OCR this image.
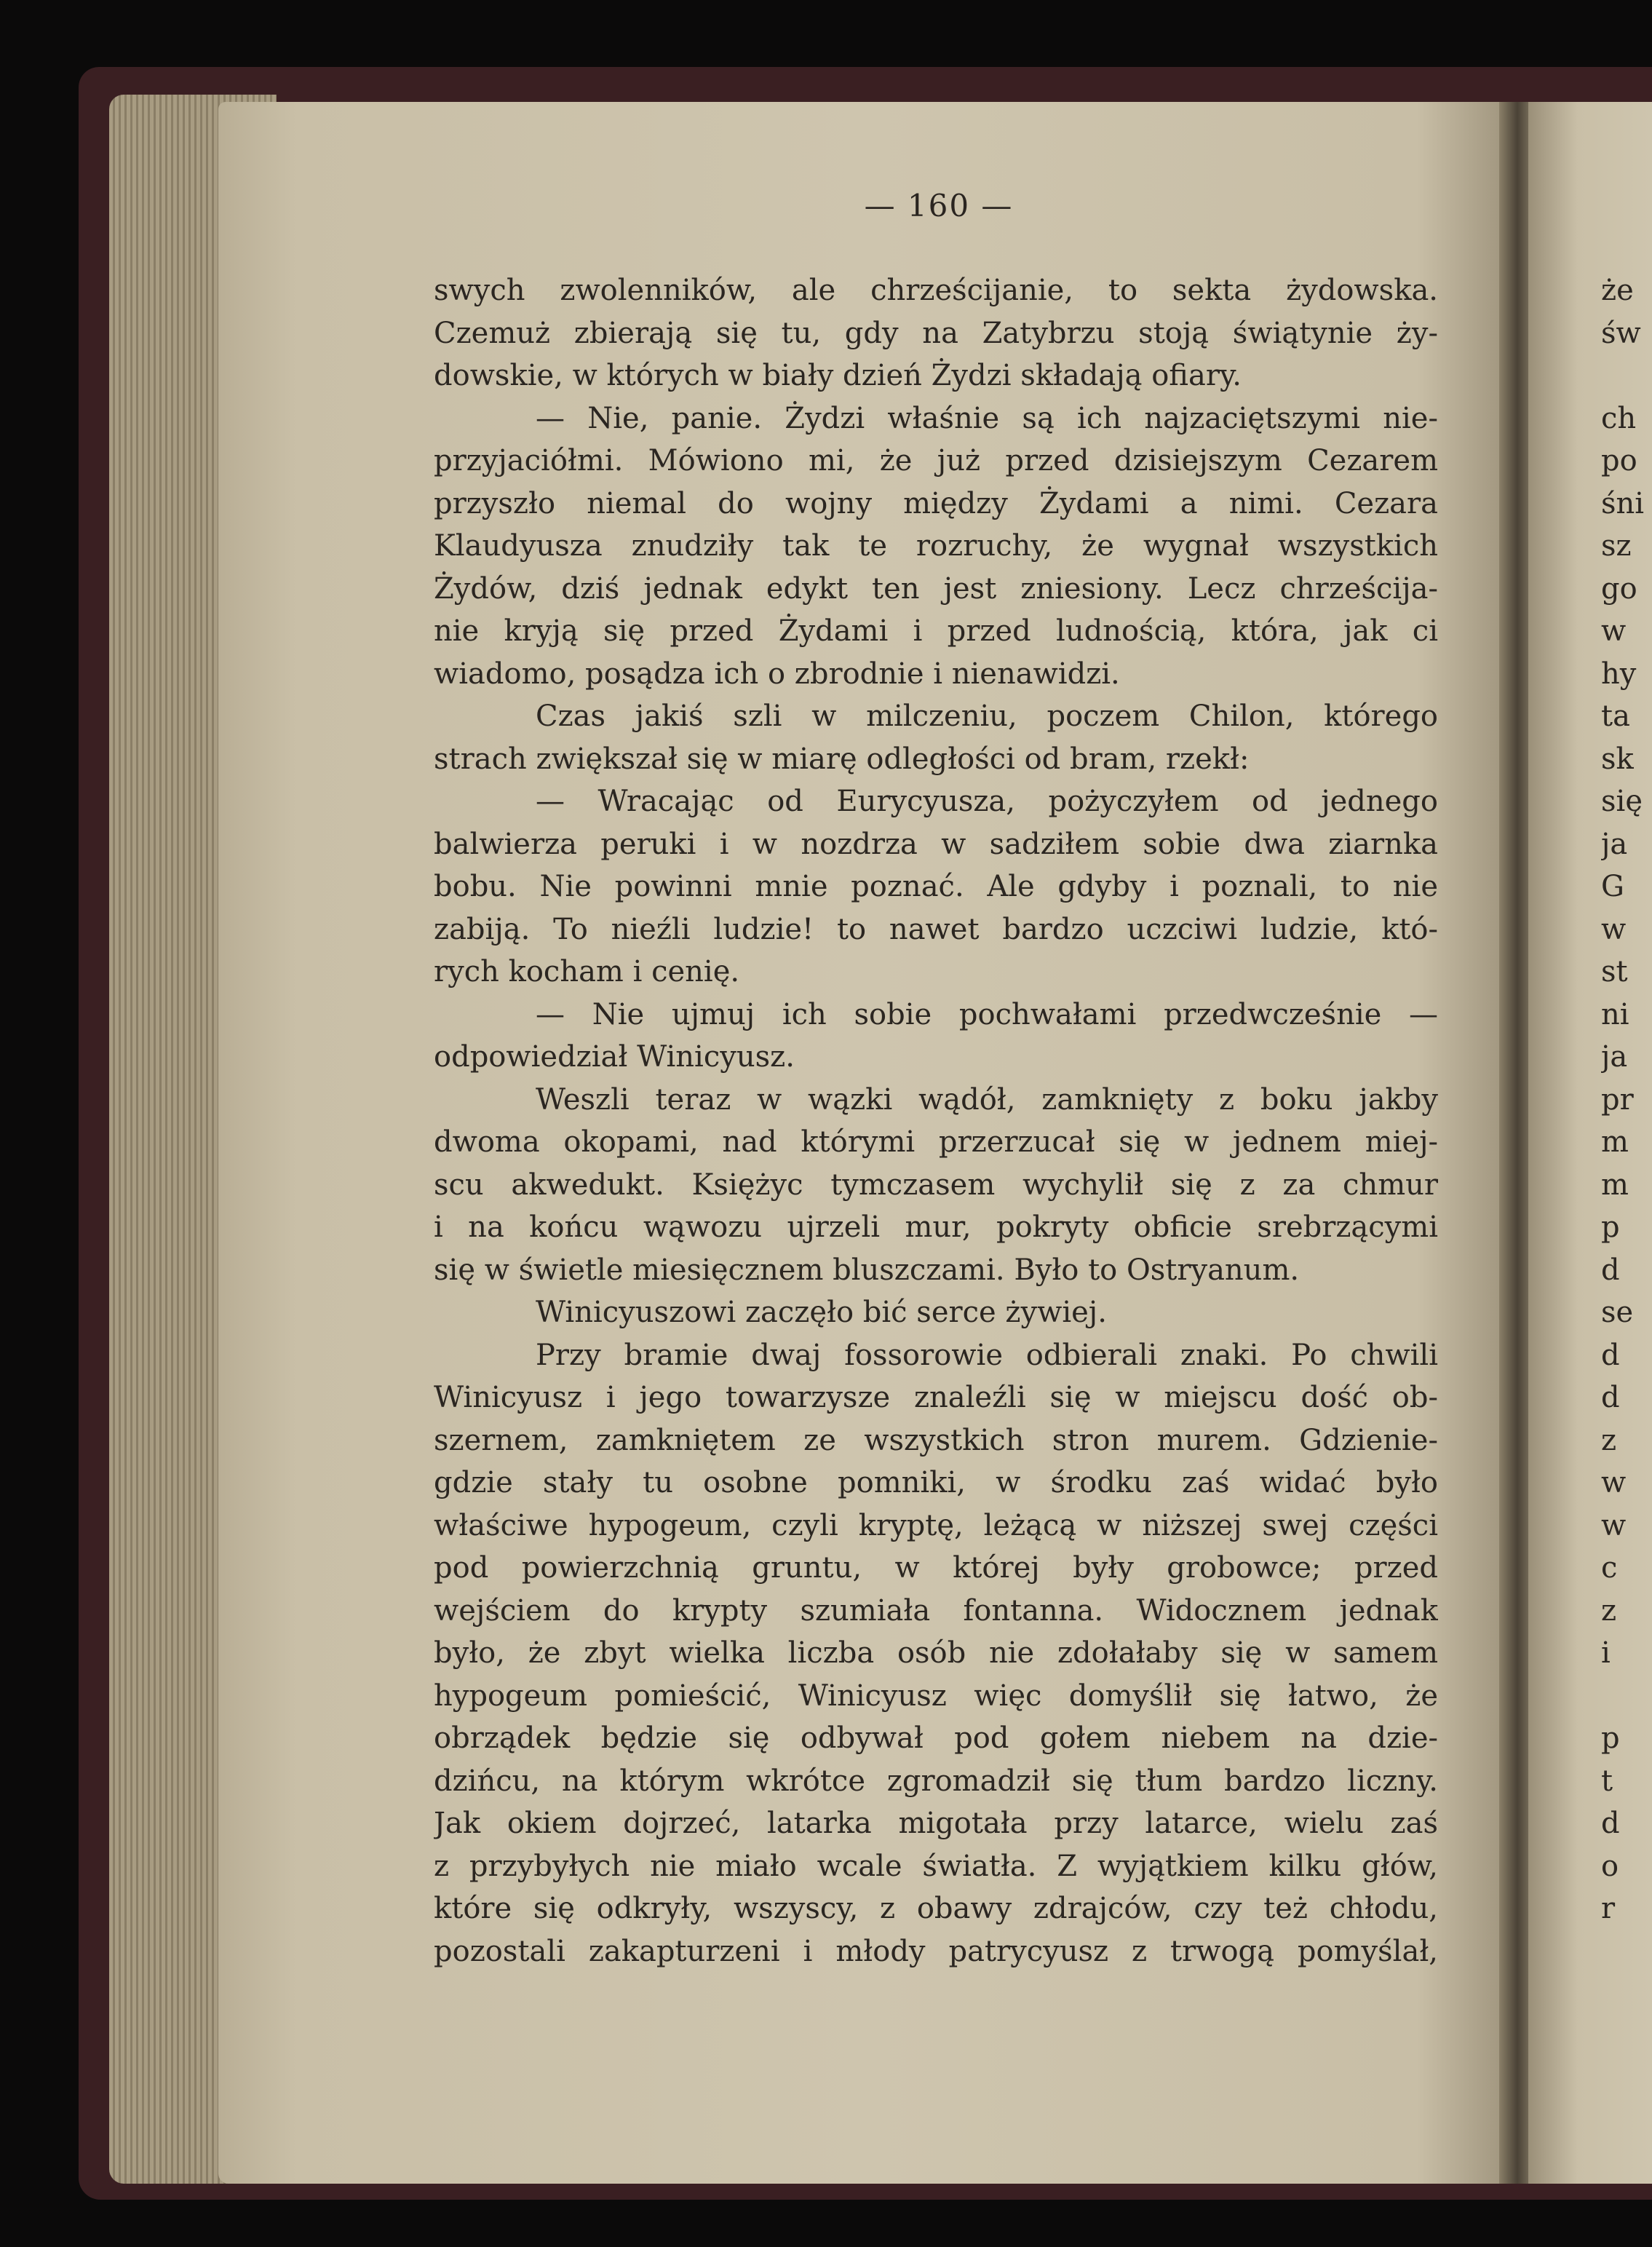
— 160 —
swych zwolenników, ale chrześcijanie, to sekta żydowska.
Czemuż zbierają się tu, gdy na Zatybrzu stoją świątynie ży-
dowskie, w których w biały dzień Żydzi składają ofiary.
— Nie, panie. Żydzi właśnie są ich najzaciętszymi nie-
przyjaciółmi. Mówiono mi, że już przed dzisiejszym Cezarem
przyszło niemal do wojny między Żydami a nimi. Cezara
Klaudyusza znudziły tak te rozruchy, że wygnał wszystkich
Żydów, dziś jednak edykt ten jest zniesiony. Lecz chrześcija-
nie kryją się przed Żydami i przed ludnością, która, jak ci
wiadomo, posądza ich o zbrodnie i nienawidzi.
Czas jakiś szli w milczeniu, poczem Chilon, którego
strach zwiększał się w miarę odległości od bram, rzekł:
— Wracając od Eurycyusza, pożyczyłem od jednego
balwierza peruki i w nozdrza w sadziłem sobie dwa ziarnka
bobu. Nie powinni mnie poznać. Ale gdyby i poznali, to nie
zabiją. To nieźli ludzie! to nawet bardzo uczciwi ludzie, któ-
rych kocham i cenię.
— Nie ujmuj ich sobie pochwałami przedwcześnie —
odpowiedział Winicyusz.
Weszli teraz w wązki wądół, zamknięty z boku jakby
dwoma okopami, nad którymi przerzucał się w jednem miej-
scu akwedukt. Księżyc tymczasem wychylił się z za chmur
i na końcu wąwozu ujrzeli mur, pokryty obficie srebrzącymi
się w świetle miesięcznem bluszczami. Było to Ostryanum.
Winicyuszowi zaczęło bić serce żywiej.
Przy bramie dwaj fossorowie odbierali znaki. Po chwili
Winicyusz i jego towarzysze znaleźli się w miejscu dość ob-
szernem, zamkniętem ze wszystkich stron murem. Gdzienie-
gdzie stały tu osobne pomniki, w środku zaś widać było
właściwe hypogeum, czyli kryptę, leżącą w niższej swej części
pod powierzchnią gruntu, w której były grobowce; przed
wejściem do krypty szumiała fontanna. Widocznem jednak
było, że zbyt wielka liczba osób nie zdołałaby się w samem
hypogeum pomieścić, Winicyusz więc domyślił się łatwo, że
obrządek będzie się odbywał pod gołem niebem na dzie-
dzińcu, na którym wkrótce zgromadził się tłum bardzo liczny.
Jak okiem dojrzeć, latarka migotała przy latarce, wielu zaś
z przybyłych nie miało wcale światła. Z wyjątkiem kilku głów,
które się odkryły, wszyscy, z obawy zdrajców, czy też chłodu,
pozostali zakapturzeni i młody patrycyusz z trwogą pomyślał,
że
św
ch
po
śni
sz
go
w
hy
ta
sk
się
ja
G
w
st
ni
ja
pr
m
m
p
d
se
d
d
z
w
w
c
z
i
p
t
d
o
r
